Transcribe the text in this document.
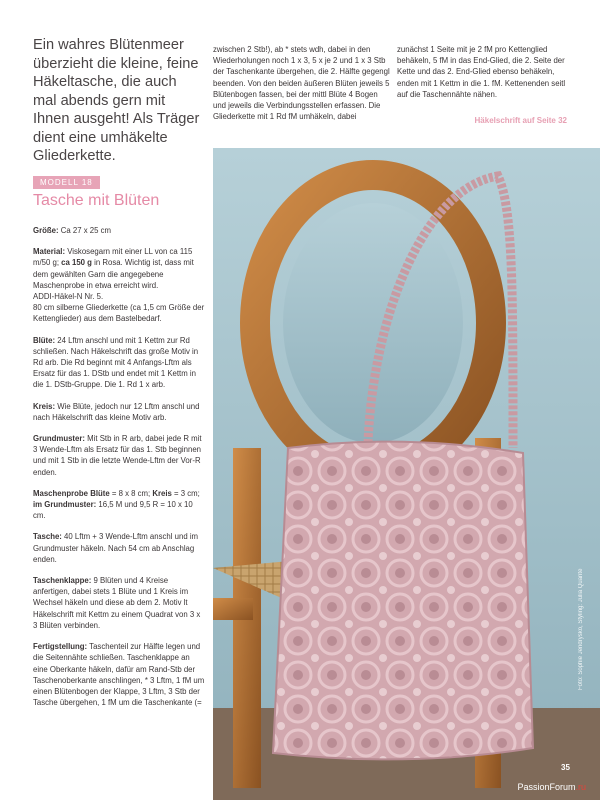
Ein wahres Blütenmeer überzieht die kleine, feine Häkeltasche, die auch mal abends gern mit Ihnen ausgeht! Als Träger dient eine umhäkelte Gliederkette.
zwischen 2 Stb!), ab * stets wdh, dabei in den Wiederholungen noch 1 x 3, 5 x je 2 und 1 x 3 Stb der Taschenkante übergehen, die 2. Hälfte gegengl beenden. Von den beiden äußeren Blüten jeweils 5 Blütenbogen fassen, bei der mittl Blüte 4 Bogen und jeweils die Verbindungsstellen erfassen. Die Gliederkette mit 1 Rd fM umhäkeln, dabei
zunächst 1 Seite mit je 2 fM pro Kettenglied behäkeln, 5 fM in das End-Glied, die 2. Seite der Kette und das 2. End-Glied ebenso behäkeln, enden mit 1 Kettm in die 1. fM. Kettenenden seitl auf die Taschennähte nähen.
Häkelschrift auf Seite 32
MODELL 18
Tasche mit Blüten

Größe: Ca 27 x 25 cm

Material: Viskosegarn mit einer LL von ca 115 m/50 g; ca 150 g in Rosa. Wichtig ist, dass mit dem gewählten Garn die angegebene Maschenprobe in etwa erreicht wird.
ADDI-Häkel-N Nr. 5.
80 cm silberne Gliederkette (ca 1,5 cm Größe der Kettenglieder) aus dem Bastelbedarf.

Blüte: 24 Lftm anschl und mit 1 Kettm zur Rd schließen. Nach Häkelschrift das große Motiv in Rd arb. Die Rd beginnt mit 4 Anfangs-Lftm als Ersatz für das 1. DStb und endet mit 1 Kettm in die 1. DStb-Gruppe. Die 1. Rd 1 x arb.

Kreis: Wie Blüte, jedoch nur 12 Lftm anschl und nach Häkelschrift das kleine Motiv arb.

Grundmuster: Mit Stb in R arb, dabei jede R mit 3 Wende-Lftm als Ersatz für das 1. Stb beginnen und mit 1 Stb in die letzte Wende-Lftm der Vor-R enden.

Maschenprobe Blüte = 8 x 8 cm; Kreis = 3 cm; im Grundmuster: 16,5 M und 9,5 R = 10 x 10 cm.

Tasche: 40 Lftm + 3 Wende-Lftm anschl und im Grundmuster häkeln. Nach 54 cm ab Anschlag enden.

Taschenklappe: 9 Blüten und 4 Kreise anfertigen, dabei stets 1 Blüte und 1 Kreis im Wechsel häkeln und diese ab dem 2. Motiv lt Häkelschrift mit Kettm zu einem Quadrat von 3 x 3 Blüten verbinden.

Fertigstellung: Taschenteil zur Hälfte legen und die Seitennähte schließen. Taschenklappe an eine Oberkante häkeln, dafür am Rand-Stb der Taschenoberkante anschlingen, * 3 Lftm, 1 fM um einen Blütenbogen der Klappe, 3 Lftm, 3 Stb der Tasche übergehen, 1 fM um die Taschenkante (=

Foto: Sophie Jendrysko, Styling: Julia Quante
35
PassionForum.ru
